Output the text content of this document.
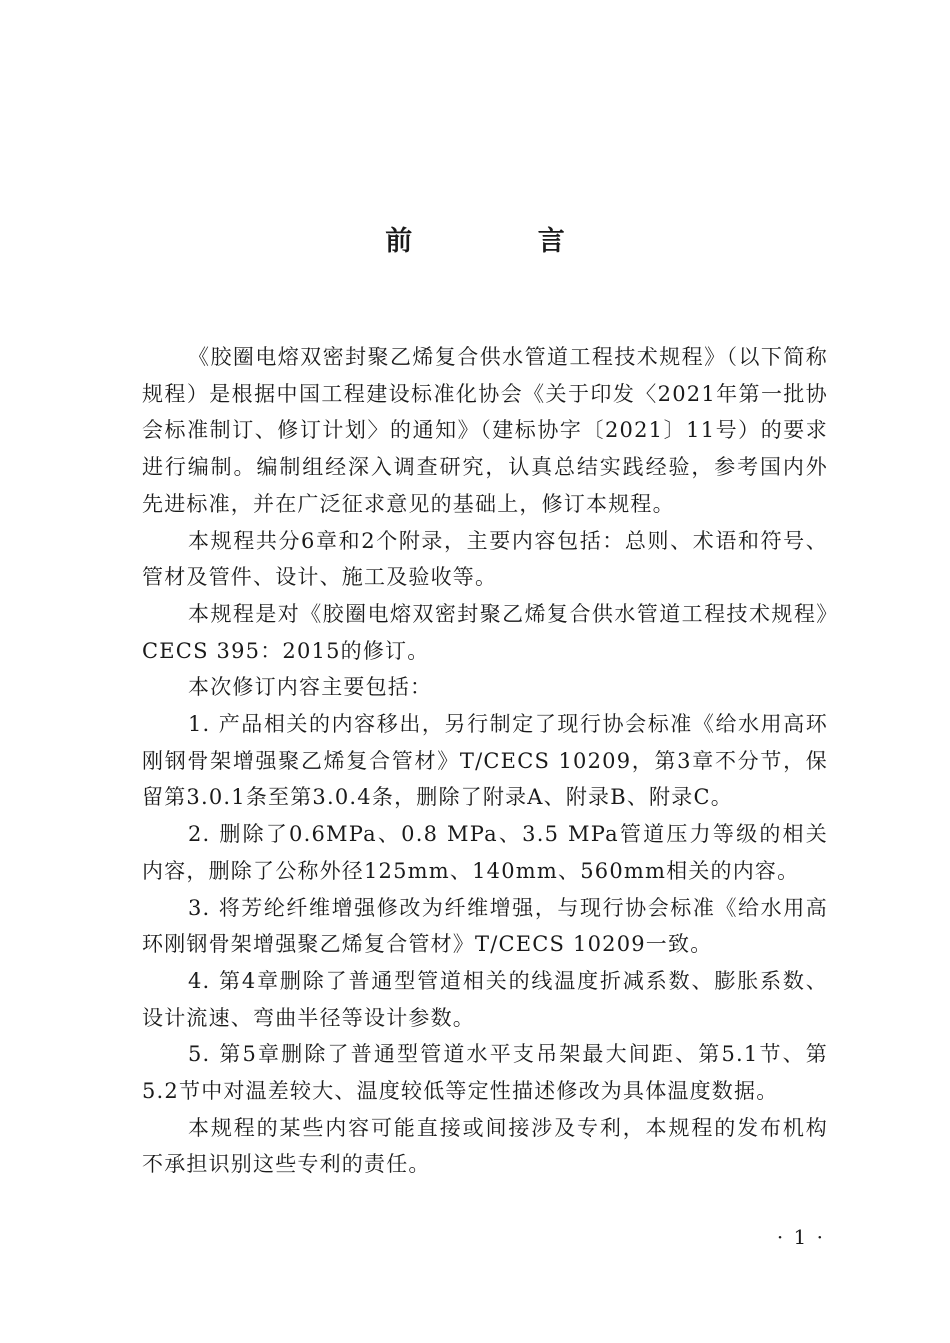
前 言

《胶圈电熔双密封聚乙烯复合供水管道工程技术规程》（以下简称规程）是根据中国工程建设标准化协会《关于印发〈2021年第一批协会标准制订、修订计划〉的通知》（建标协字〔2021〕11号）的要求进行编制。编制组经深入调查研究，认真总结实践经验，参考国内外先进标准，并在广泛征求意见的基础上，修订本规程。

本规程共分6章和2个附录，主要内容包括：总则、术语和符号、管材及管件、设计、施工及验收等。

本规程是对《胶圈电熔双密封聚乙烯复合供水管道工程技术规程》CECS 395：2015的修订。

本次修订内容主要包括：

1. 产品相关的内容移出，另行制定了现行协会标准《给水用高环刚钢骨架增强聚乙烯复合管材》T/CECS 10209，第3章不分节，保留第3.0.1条至第3.0.4条，删除了附录A、附录B、附录C。

2. 删除了0.6MPa、0.8 MPa、3.5 MPa管道压力等级的相关内容，删除了公称外径125mm、140mm、560mm相关的内容。

3. 将芳纶纤维增强修改为纤维增强，与现行协会标准《给水用高环刚钢骨架增强聚乙烯复合管材》T/CECS 10209一致。

4. 第4章删除了普通型管道相关的线温度折减系数、膨胀系数、设计流速、弯曲半径等设计参数。

5. 第5章删除了普通型管道水平支吊架最大间距、第5.1节、第5.2节中对温差较大、温度较低等定性描述修改为具体温度数据。

本规程的某些内容可能直接或间接涉及专利，本规程的发布机构不承担识别这些专利的责任。

· 1 ·
